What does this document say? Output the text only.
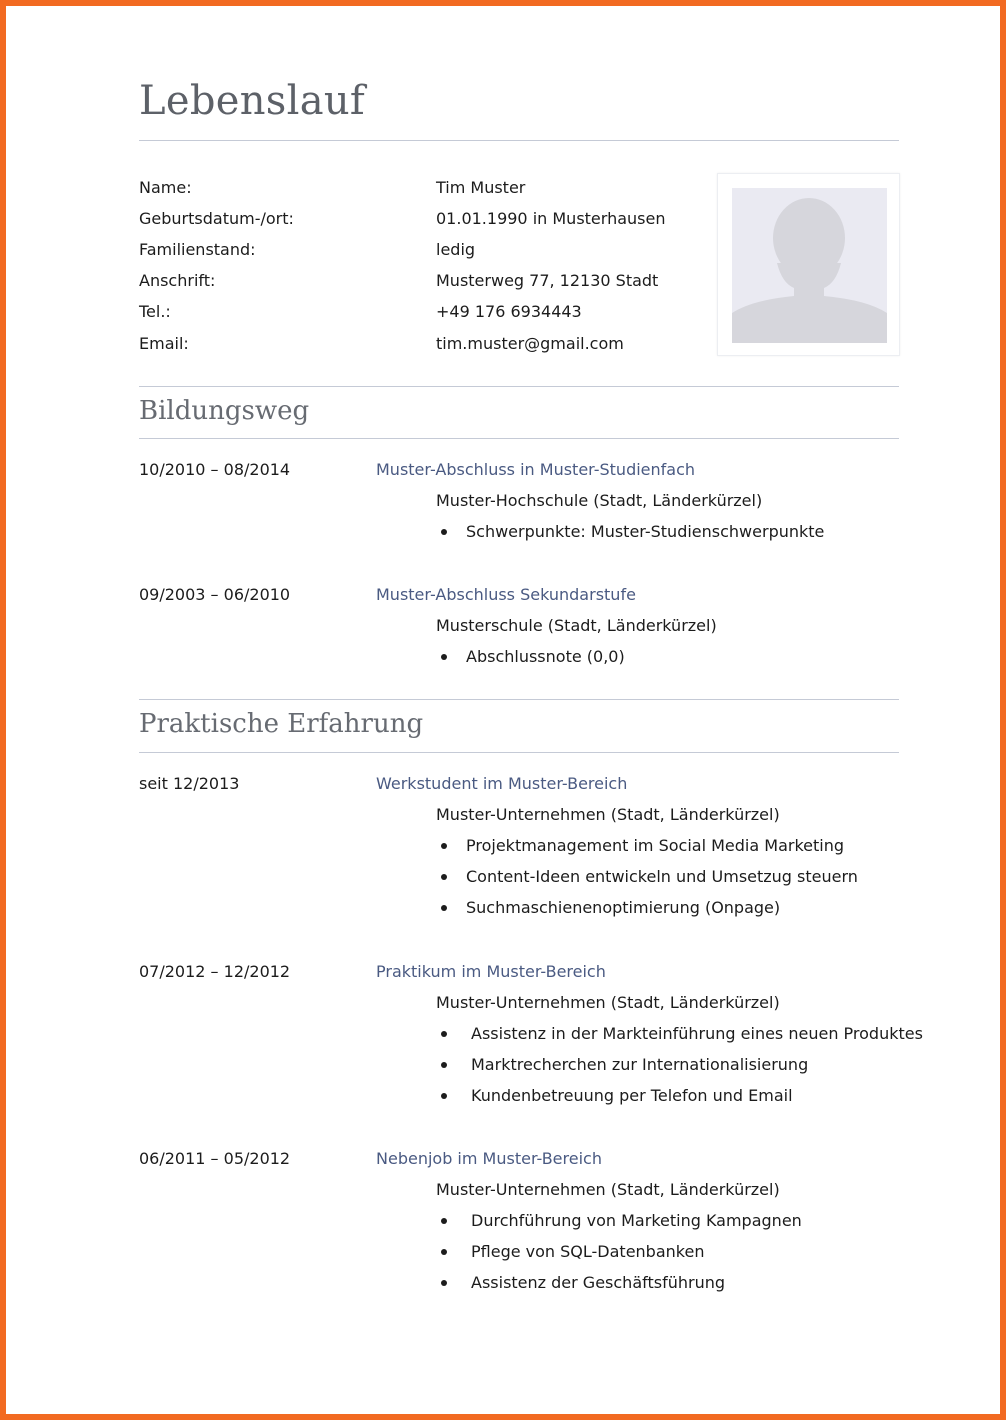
Lebenslauf
Name:	Tim Muster
Geburtsdatum-/ort:	01.01.1990 in Musterhausen
Familienstand:	ledig
Anschrift:	Musterweg 77, 12130 Stadt
Tel.:	+49 176 6934443
Email:	tim.muster@gmail.com
Bildungsweg
10/2010 – 08/2014	Muster-Abschluss in Muster-Studienfach
Muster-Hochschule (Stadt, Länderkürzel)
Schwerpunkte: Muster-Studienschwerpunkte
09/2003 – 06/2010	Muster-Abschluss Sekundarstufe
Musterschule (Stadt, Länderkürzel)
Abschlussnote (0,0)
Praktische Erfahrung
seit 12/2013	Werkstudent im Muster-Bereich
Muster-Unternehmen (Stadt, Länderkürzel)
Projektmanagement im Social Media Marketing
Content-Ideen entwickeln und Umsetzug steuern
Suchmaschienenoptimierung (Onpage)
07/2012 – 12/2012	Praktikum im Muster-Bereich
Muster-Unternehmen (Stadt, Länderkürzel)
Assistenz in der Markteinführung eines neuen Produktes
Marktrecherchen zur Internationalisierung
Kundenbetreuung per Telefon und Email
06/2011 – 05/2012	Nebenjob im Muster-Bereich
Muster-Unternehmen (Stadt, Länderkürzel)
Durchführung von Marketing Kampagnen
Pflege von SQL-Datenbanken
Assistenz der Geschäftsführung
